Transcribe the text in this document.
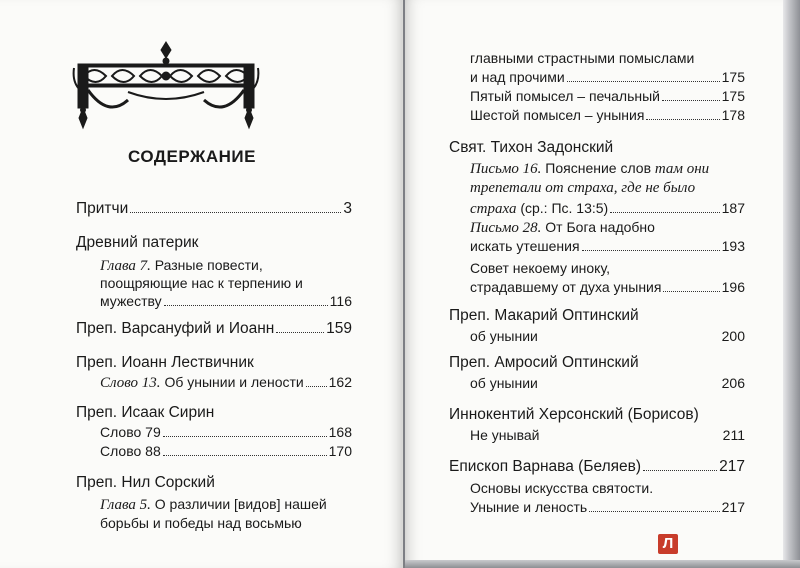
СОДЕРЖАНИЕ
Притчи	3
Древний патерик
Глава 7.
Разные повести,
поощряющие нас к терпению и
мужеству	116
Преп. Варсануфий и Иоанн	159
Преп. Иоанн Лествичник
Слово 13.
Об унынии и лености 162
Преп. Исаак Сирин
Слово 79	168
Слово 88	170
Преп. Нил Сорский
Глава 5.
О различии [видов] нашей
борьбы и победы над восьмью
главными страстными помыслами
и над прочими	175
Пятый помысел – печальный	175
Шестой помысел – уныния	178
Свят. Тихон Задонский
Письмо 16.
Пояснение слов
там они
трепетали от страха, где не было
страха
(ср.: Пс. 13:5)	187
Письмо 28.
От Бога надобно
искать утешения	193
Совет некоему иноку,
страдавшему от духа уныния	196
Преп. Макарий Оптинский
об унынии	200
Преп. Амросий Оптинский
об унынии	206
Иннокентий Херсонский (Борисов)
Не унывай	211
Епископ Варнава (Беляев)	217
Основы искусства святости.
Уныние и леность	217
Л
